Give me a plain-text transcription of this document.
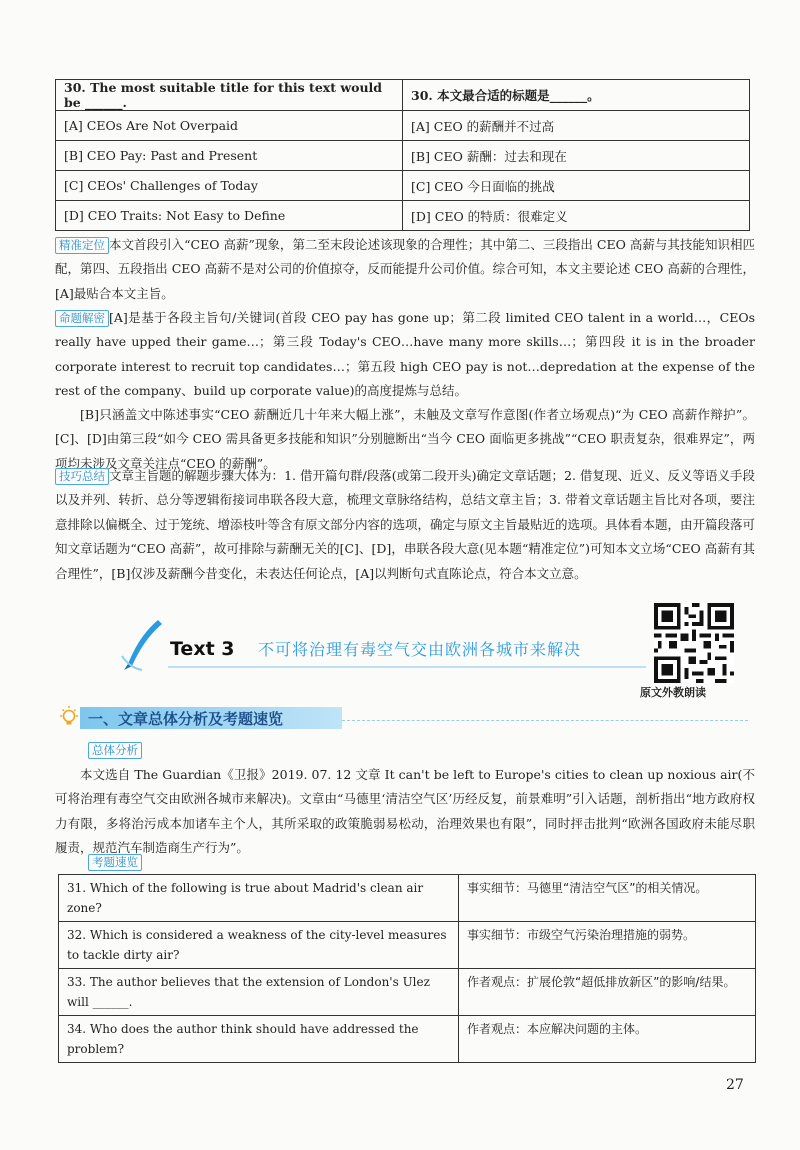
30. The most suitable title for this text would be ______.	30. 本文最合适的标题是______。
[A] CEOs Are Not Overpaid	[A] CEO 的薪酬并不过高
[B] CEO Pay: Past and Present	[B] CEO 薪酬：过去和现在
[C] CEOs' Challenges of Today	[C] CEO 今日面临的挑战
[D] CEO Traits: Not Easy to Define	[D] CEO 的特质：很难定义
精准定位 本文首段引入“CEO 高薪”现象，第二至末段论述该现象的合理性；其中第二、三段指出 CEO 高薪与其技能知识相匹配，第四、五段指出 CEO 高薪不是对公司的价值掠夺，反而能提升公司价值。综合可知，本文主要论述 CEO 高薪的合理性，[A]最贴合本文主旨。
命题解密 [A]是基于各段主旨句/关键词(首段 CEO pay has gone up；第二段 limited CEO talent in a world…，CEOs really have upped their game…；第三段 Today's CEO…have many more skills…；第四段 it is in the broader corporate interest to recruit top candidates…；第五段 high CEO pay is not…depredation at the expense of the rest of the company、build up corporate value)的高度提炼与总结。
[B]只涵盖文中陈述事实“CEO 薪酬近几十年来大幅上涨”，未触及文章写作意图(作者立场观点)“为 CEO 高薪作辩护”。[C]、[D]由第三段“如今 CEO 需具备更多技能和知识”分别臆断出“当今 CEO 面临更多挑战”“CEO 职责复杂，很难界定”，两项均未涉及文章关注点“CEO 的薪酬”。
技巧总结 文章主旨题的解题步骤大体为：1. 借开篇句群/段落(或第二段开头)确定文章话题；2. 借复现、近义、反义等语义手段以及并列、转折、总分等逻辑衔接词串联各段大意，梳理文章脉络结构，总结文章主旨；3. 带着文章话题主旨比对各项，要注意排除以偏概全、过于笼统、增添枝叶等含有原文部分内容的选项，确定与原文主旨最贴近的选项。具体看本题，由开篇段落可知文章话题为“CEO 高薪”，故可排除与薪酬无关的[C]、[D]，串联各段大意(见本题“精准定位”)可知本文立场“CEO 高薪有其合理性”，[B]仅涉及薪酬今昔变化，未表达任何论点，[A]以判断句式直陈论点，符合本文立意。
Text 3 不可将治理有毒空气交由欧洲各城市来解决
原文外教朗读
一、文章总体分析及考题速览
总体分析
本文选自 The Guardian《卫报》2019. 07. 12 文章 It can't be left to Europe's cities to clean up noxious air(不可将治理有毒空气交由欧洲各城市来解决)。文章由“马德里‘清洁空气区’历经反复，前景难明”引入话题，剖析指出“地方政府权力有限，多将治污成本加诸车主个人，其所采取的政策脆弱易松动，治理效果也有限”，同时抨击批判“欧洲各国政府未能尽职履责，规范汽车制造商生产行为”。
考题速览
31. Which of the following is true about Madrid's clean air zone?	事实细节：马德里“清洁空气区”的相关情况。
32. Which is considered a weakness of the city-level measures to tackle dirty air?	事实细节：市级空气污染治理措施的弱势。
33. The author believes that the extension of London's Ulez will ______.	作者观点：扩展伦敦“超低排放新区”的影响/结果。
34. Who does the author think should have addressed the problem?	作者观点：本应解决问题的主体。
27
